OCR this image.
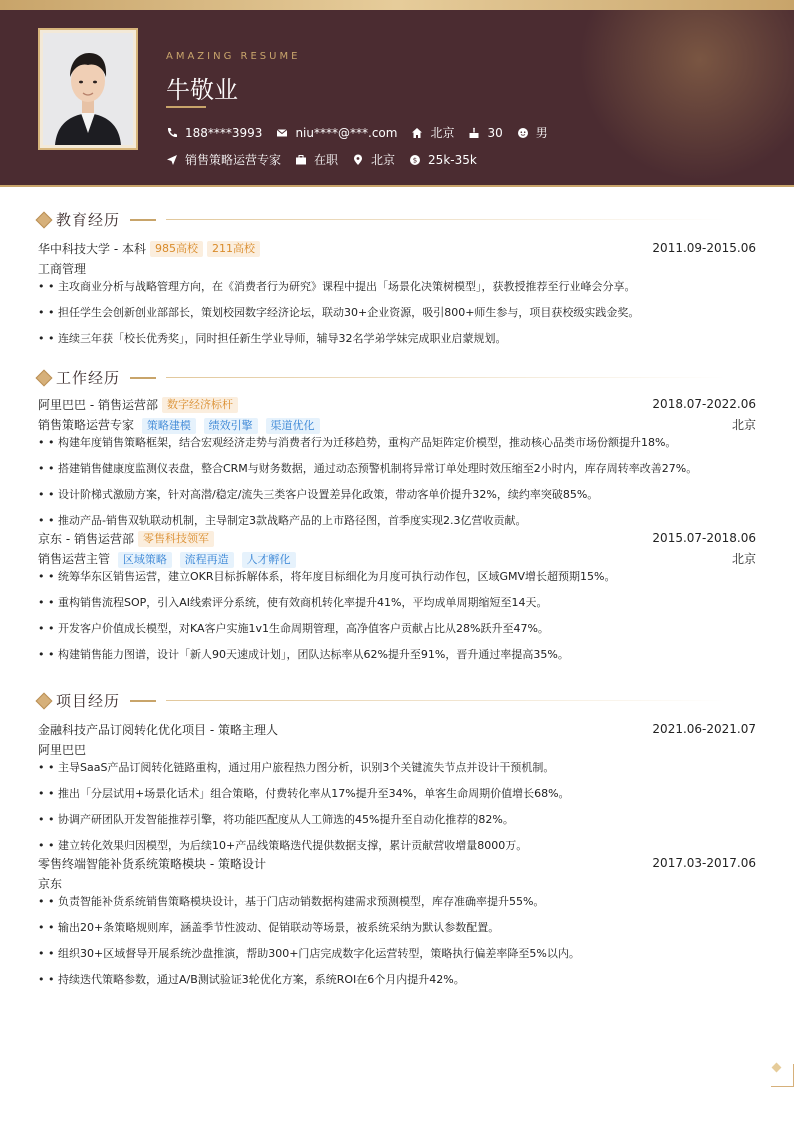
AMAZING RESUME
牛敬业
188****3993	niu****@***.com	北京	30	男
销售策略运营专家	在职	北京	$ 25k-35k
教育经历
华中科技大学 - 本科 985高校	211高校	2011.09-2015.06
工商管理
• • 主攻商业分析与战略管理方向，在《消费者行为研究》课程中提出「场景化决策树模型」，获教授推荐至行业峰会分享。
• • 担任学生会创新创业部部长，策划校园数字经济论坛，联动30+企业资源，吸引800+师生参与，项目获校级实践金奖。
• • 连续三年获「校长优秀奖」，同时担任新生学业导师，辅导32名学弟学妹完成职业启蒙规划。
工作经历
阿里巴巴 - 销售运营部 数字经济标杆	2018.07-2022.06
销售策略运营专家 策略建模 绩效引擎 渠道优化	北京
• • 构建年度销售策略框架，结合宏观经济走势与消费者行为迁移趋势，重构产品矩阵定价模型，推动核心品类市场份额提升18%。
• • 搭建销售健康度监测仪表盘，整合CRM与财务数据，通过动态预警机制将异常订单处理时效压缩至2小时内，库存周转率改善27%。
• • 设计阶梯式激励方案，针对高潜/稳定/流失三类客户设置差异化政策，带动客单价提升32%，续约率突破85%。
• • 推动产品-销售双轨联动机制，主导制定3款战略产品的上市路径图，首季度实现2.3亿营收贡献。
京东 - 销售运营部 零售科技领军	2015.07-2018.06
销售运营主管 区域策略 流程再造 人才孵化	北京
• • 统筹华东区销售运营，建立OKR目标拆解体系，将年度目标细化为月度可执行动作包，区域GMV增长超预期15%。
• • 重构销售流程SOP，引入AI线索评分系统，使有效商机转化率提升41%，平均成单周期缩短至14天。
• • 开发客户价值成长模型，对KA客户实施1v1生命周期管理，高净值客户贡献占比从28%跃升至47%。
• • 构建销售能力图谱，设计「新人90天速成计划」，团队达标率从62%提升至91%，晋升通过率提高35%。
项目经历
金融科技产品订阅转化优化项目 - 策略主理人	2021.06-2021.07
阿里巴巴
• • 主导SaaS产品订阅转化链路重构，通过用户旅程热力图分析，识别3个关键流失节点并设计干预机制。
• • 推出「分层试用+场景化话术」组合策略，付费转化率从17%提升至34%，单客生命周期价值增长68%。
• • 协调产研团队开发智能推荐引擎，将功能匹配度从人工筛选的45%提升至自动化推荐的82%。
• • 建立转化效果归因模型，为后续10+产品线策略迭代提供数据支撑，累计贡献营收增量8000万。
零售终端智能补货系统策略模块 - 策略设计	2017.03-2017.06
京东
• • 负责智能补货系统销售策略模块设计，基于门店动销数据构建需求预测模型，库存准确率提升55%。
• • 输出20+条策略规则库，涵盖季节性波动、促销联动等场景，被系统采纳为默认参数配置。
• • 组织30+区域督导开展系统沙盘推演，帮助300+门店完成数字化运营转型，策略执行偏差率降至5%以内。
• • 持续迭代策略参数，通过A/B测试验证3轮优化方案，系统ROI在6个月内提升42%。
